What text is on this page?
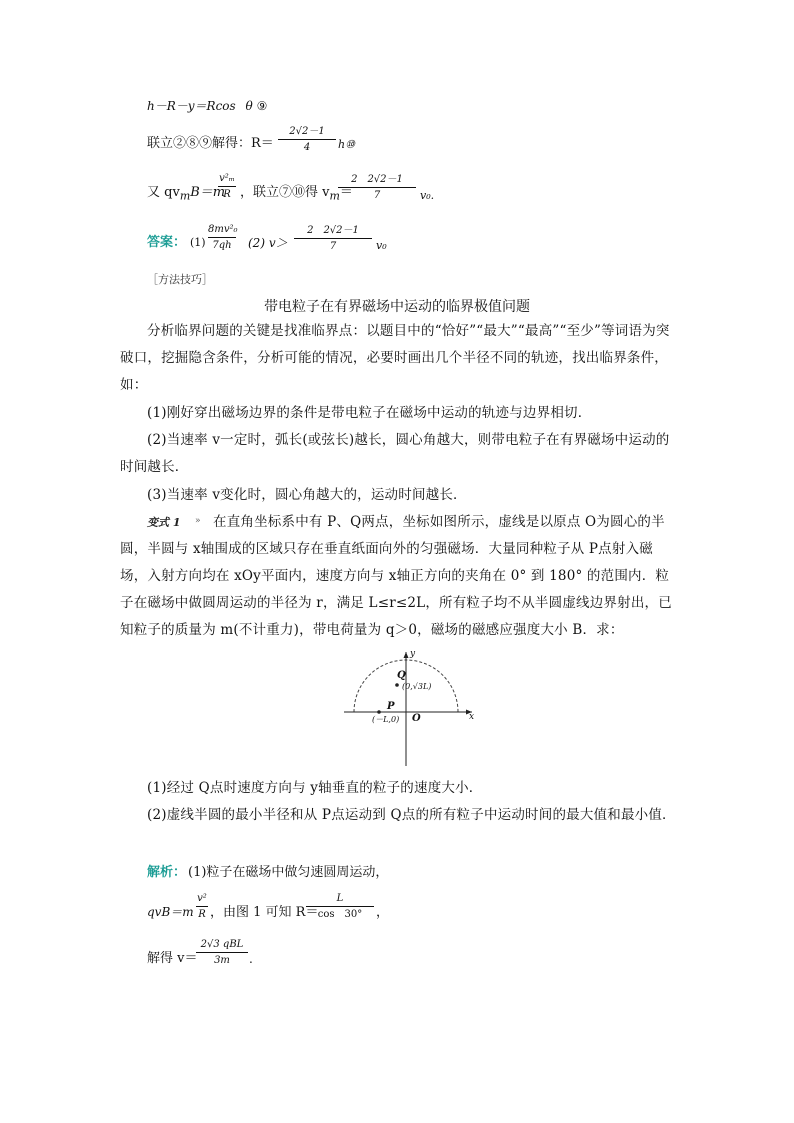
h－R－y＝Rcos θ ⑨
联立②⑧⑨解得：R＝
2√2－1
4	h⑩
又 $qv_mB=m$
v²ₘ
R ，联立⑦⑩得 $v_m=$
2　2√2－1
7	v₀.
答案： (1)
8mv²₀
7qh	(2) v＞
2　2√2－1
7	v₀
［方法技巧］
带电粒子在有界磁场中运动的临界极值问题
分析临界问题的关键是找准临界点：以题目中的“恰好”“最大”“最高”“至少”等词语为突破口，挖掘隐含条件，分析可能的情况，必要时画出几个半径不同的轨迹，找出临界条件，如：
(1)刚好穿出磁场边界的条件是带电粒子在磁场中运动的轨迹与边界相切．
(2)当速率 v一定时，弧长(或弦长)越长，圆心角越大，则带电粒子在有界磁场中运动的时间越长．
(3)当速率 v变化时，圆心角越大的，运动时间越长．
变式 1 » 在直角坐标系中有 P、Q两点，坐标如图所示，虚线是以原点 O为圆心的半圆，半圆与 x轴围成的区域只存在垂直纸面向外的匀强磁场．大量同种粒子从 P点射入磁场，入射方向均在 xOy平面内，速度方向与 x轴正方向的夹角在 0° 到 180° 的范围内．粒子在磁场中做圆周运动的半径为 r，满足 L≤r≤2L，所有粒子均不从半圆虚线边界射出，已知粒子的质量为 m(不计重力)，带电荷量为 q＞0，磁场的磁感应强度大小 B．求：
y
x
Q
(0,√3L)
P
(－L,0) O
(1)经过 Q点时速度方向与 y轴垂直的粒子的速度大小．
(2)虚线半圆的最小半径和从 P点运动到 Q点的所有粒子中运动时间的最大值和最小值．
解析： (1)粒子在磁场中做匀速圆周运动，
qvB＝m
v²
R ，由图 1 可知 R＝
L
cos　30°	，
解得 v＝
2√3 qBL
3m	.
